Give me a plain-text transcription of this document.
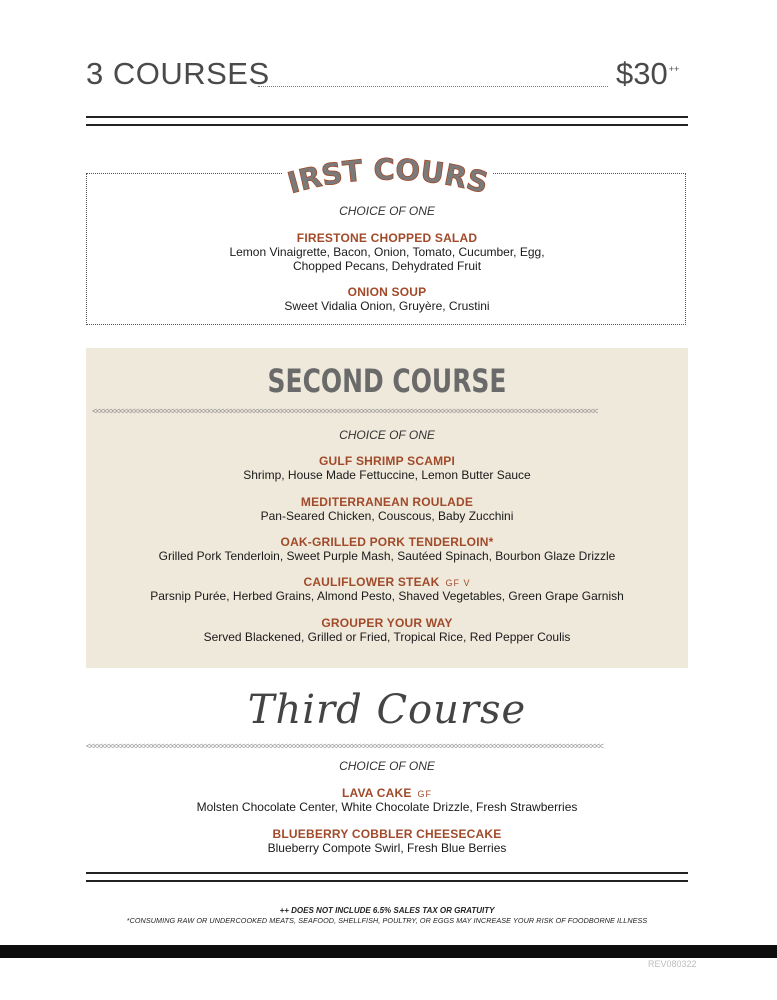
3 COURSES	$30++
IRST COURS
CHOICE OF ONE
FIRESTONE CHOPPED SALAD
Lemon Vinaigrette, Bacon, Onion, Tomato, Cucumber, Egg,
Chopped Pecans, Dehydrated Fruit
ONION SOUP
Sweet Vidalia Onion, Gruyère, Crustini
SECOND COURSE
<<<<<<<<<<<<<<<<<<<<<<<<<<<<<<<<<<<<<<<<<<<<<<<<<<<<<<<<<<<<<<<<<<<<<<<<<<<<<<<<<<<<<<<<<<<<<<<<<<<<<<<<<<<<<<<<<<<<<<<<<<<<<<<<<<<
CHOICE OF ONE
GULF SHRIMP SCAMPI
Shrimp, House Made Fettuccine, Lemon Butter Sauce
MEDITERRANEAN ROULADE
Pan-Seared Chicken, Couscous, Baby Zucchini
OAK-GRILLED PORK TENDERLOIN*
Grilled Pork Tenderloin, Sweet Purple Mash, Sautéed Spinach, Bourbon Glaze Drizzle
CAULIFLOWER STEAK GF V
Parsnip Purée, Herbed Grains, Almond Pesto, Shaved Vegetables, Green Grape Garnish
GROUPER YOUR WAY
Served Blackened, Grilled or Fried, Tropical Rice, Red Pepper Coulis
Third Course
<<<<<<<<<<<<<<<<<<<<<<<<<<<<<<<<<<<<<<<<<<<<<<<<<<<<<<<<<<<<<<<<<<<<<<<<<<<<<<<<<<<<<<<<<<<<<<<<<<<<<<<<<<<<<<<<<<<<<<<<<<<<<<<<<<<<<<
CHOICE OF ONE
LAVA CAKE GF
Molsten Chocolate Center, White Chocolate Drizzle, Fresh Strawberries
BLUEBERRY COBBLER CHEESECAKE
Blueberry Compote Swirl, Fresh Blue Berries
++ DOES NOT INCLUDE 6.5% SALES TAX OR GRATUITY
*CONSUMING RAW OR UNDERCOOKED MEATS, SEAFOOD, SHELLFISH, POULTRY, OR EGGS MAY INCREASE YOUR RISK OF FOODBORNE ILLNESS
REV080322
